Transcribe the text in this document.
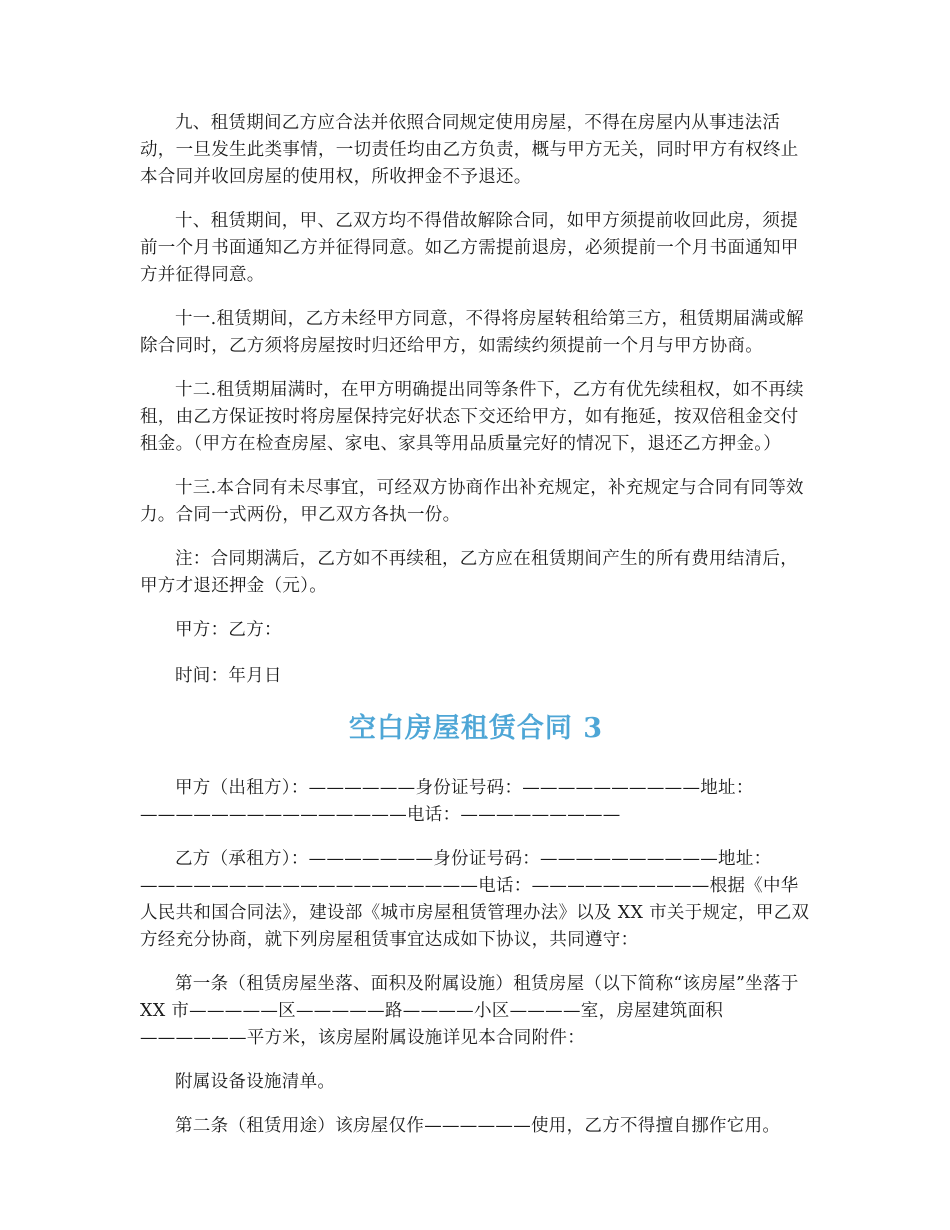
九、租赁期间乙方应合法并依照合同规定使用房屋，不得在房屋内从事违法活动，一旦发生此类事情，一切责任均由乙方负责，概与甲方无关，同时甲方有权终止本合同并收回房屋的使用权，所收押金不予退还。

十、租赁期间，甲、乙双方均不得借故解除合同，如甲方须提前收回此房，须提前一个月书面通知乙方并征得同意。如乙方需提前退房，必须提前一个月书面通知甲方并征得同意。

十一.租赁期间，乙方未经甲方同意，不得将房屋转租给第三方，租赁期届满或解除合同时，乙方须将房屋按时归还给甲方，如需续约须提前一个月与甲方协商。

十二.租赁期届满时，在甲方明确提出同等条件下，乙方有优先续租权，如不再续租，由乙方保证按时将房屋保持完好状态下交还给甲方，如有拖延，按双倍租金交付租金。（甲方在检查房屋、家电、家具等用品质量完好的情况下，退还乙方押金。）

十三.本合同有未尽事宜，可经双方协商作出补充规定，补充规定与合同有同等效力。合同一式两份，甲乙双方各执一份。

注：合同期满后，乙方如不再续租，乙方应在租赁期间产生的所有费用结清后，甲方才退还押金（元）。

甲方：乙方：

时间：年月日

空白房屋租赁合同 3

甲方（出租方）：——————身份证号码：——————————地址：———————————————电话：—————————

乙方（承租方）：———————身份证号码：——————————地址：———————————————————电话：——————————根据《中华人民共和国合同法》，建设部《城市房屋租赁管理办法》以及 XX 市关于规定，甲乙双方经充分协商，就下列房屋租赁事宜达成如下协议，共同遵守：

第一条（租赁房屋坐落、面积及附属设施）租赁房屋（以下简称“该房屋”坐落于 XX 市—————区—————路————小区————室，房屋建筑面积——————平方米，该房屋附属设施详见本合同附件：

附属设备设施清单。

第二条（租赁用途）该房屋仅作——————使用，乙方不得擅自挪作它用。
